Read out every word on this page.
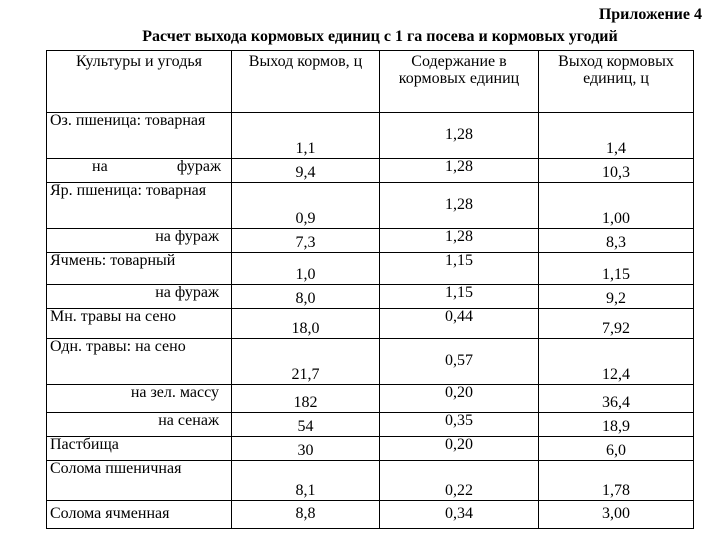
Приложение 4
Расчет выхода кормовых единиц с 1 га посева и кормовых угодий
Культуры и угодья	Выход кормов, ц	Содержание в кормовых единиц	Выход кормовых единиц, ц
Оз. пшеница: товарная	1,1	1,28	1,4

на фураж	9,4	1,28	10,3
Яр. пшеница: товарная	0,9	1,28	1,00
на фураж	7,3	1,28	8,3
Ячмень: товарный	1,0	1,15	1,15
на фураж	8,0	1,15	9,2
Мн. травы на сено	18,0	0,44	7,92
Одн. травы: на сено	21,7	0,57	12,4
на зел. массу	182	0,20	36,4
на сенаж	54	0,35	18,9
Пастбища	30	0,20	6,0
Солома пшеничная	8,1	0,22	1,78
Солома ячменная	8,8	0,34	3,00
